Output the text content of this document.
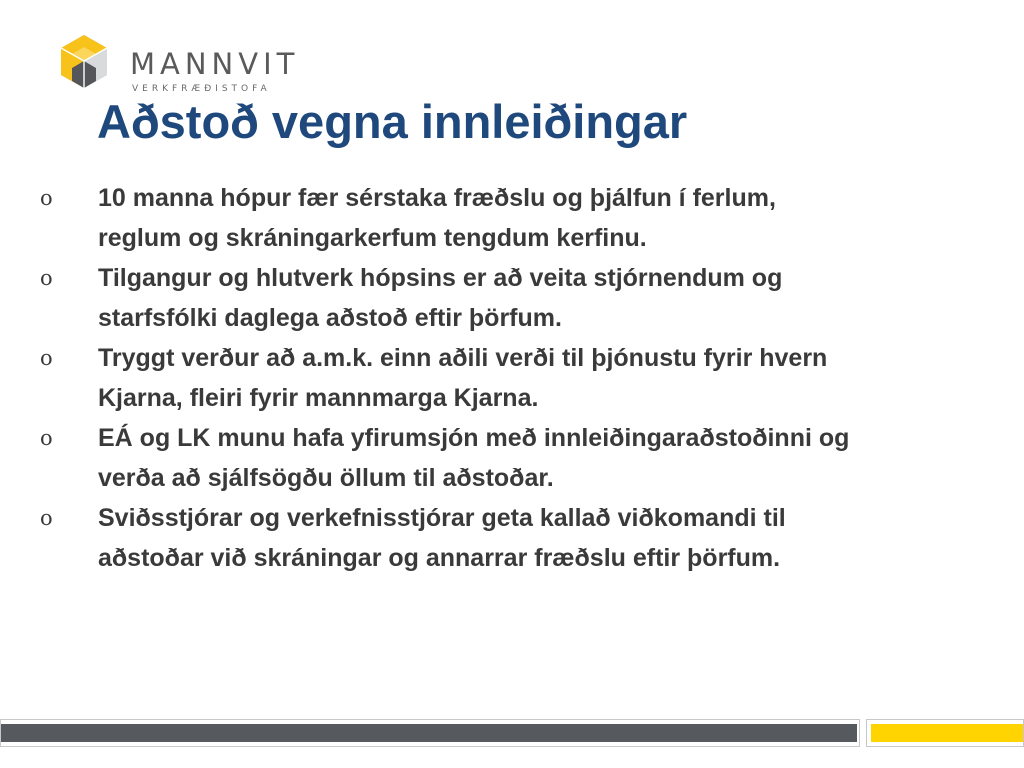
MANNVIT
VERKFRÆÐISTOFA
Aðstoð vegna innleiðingar
o 10 manna hópur fær sérstaka fræðslu og þjálfun í ferlum,
reglum og skráningarkerfum tengdum kerfinu.
o Tilgangur og hlutverk hópsins er að veita stjórnendum og
starfsfólki daglega aðstoð eftir þörfum.
o Tryggt verður að a.m.k. einn aðili verði til þjónustu fyrir hvern
Kjarna, fleiri fyrir mannmarga Kjarna.
o EÁ og LK munu hafa yfirumsjón með innleiðingaraðstoðinni og
verða að sjálfsögðu öllum til aðstoðar.
o Sviðsstjórar og verkefnisstjórar geta kallað viðkomandi til
aðstoðar við skráningar og annarrar fræðslu eftir þörfum.
